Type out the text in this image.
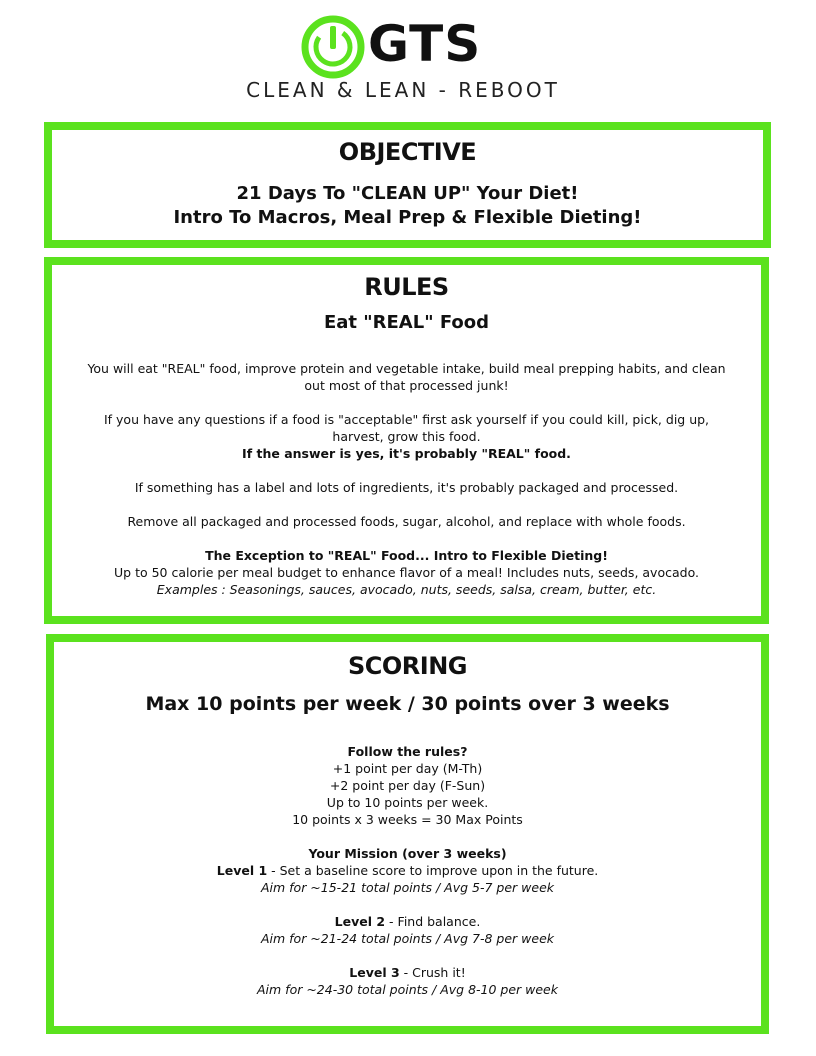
GTS
CLEAN & LEAN - REBOOT
OBJECTIVE
21 Days To "CLEAN UP" Your Diet!
Intro To Macros, Meal Prep & Flexible Dieting!
RULES
Eat "REAL" Food

You will eat "REAL" food, improve protein and vegetable intake, build meal prepping habits, and clean out most of that processed junk!

If you have any questions if a food is "acceptable" first ask yourself if you could kill, pick, dig up, harvest, grow this food.

If the answer is yes, it's probably "REAL" food.

If something has a label and lots of ingredients, it's probably packaged and processed.

Remove all packaged and processed foods, sugar, alcohol, and replace with whole foods.

The Exception to "REAL" Food... Intro to Flexible Dieting!

Up to 50 calorie per meal budget to enhance flavor of a meal! Includes nuts, seeds, avocado.

Examples : Seasonings, sauces, avocado, nuts, seeds, salsa, cream, butter, etc.

SCORING
Max 10 points per week / 30 points over 3 weeks

Follow the rules?

+1 point per day (M-Th)

+2 point per day (F-Sun)

Up to 10 points per week.

10 points x 3 weeks = 30 Max Points

Your Mission (over 3 weeks)

Level 1 - Set a baseline score to improve upon in the future.

Aim for ~15-21 total points / Avg 5-7 per week

Level 2 - Find balance.

Aim for ~21-24 total points / Avg 7-8 per week

Level 3 - Crush it!

Aim for ~24-30 total points / Avg 8-10 per week
